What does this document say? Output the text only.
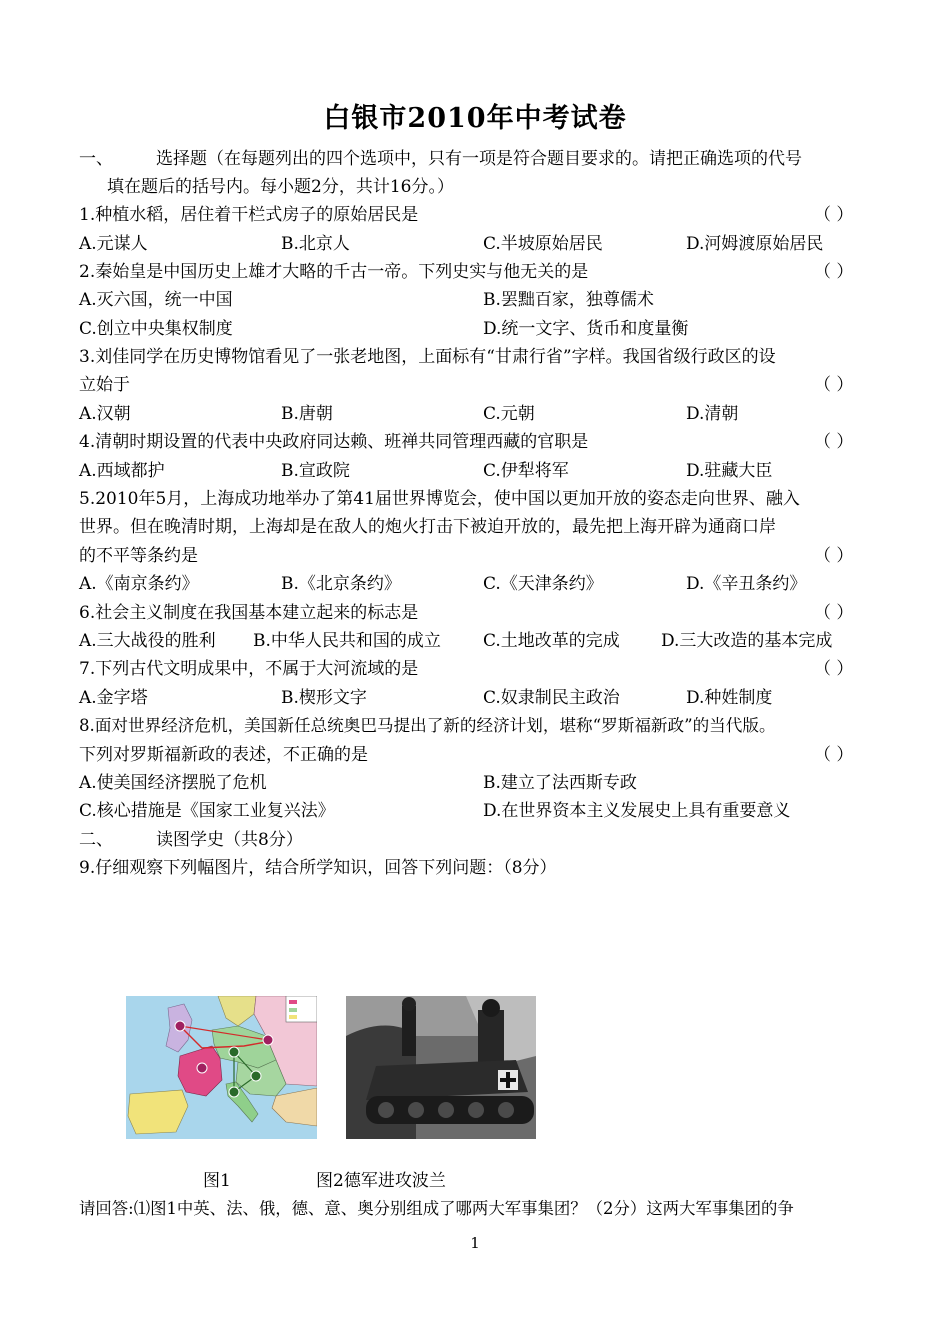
白银市2010年中考试卷
一、	选择题（在每题列出的四个选项中，只有一项是符合题目要求的。请把正确选项的代号
填在题后的括号内。每小题2分，共计16分。）
1.种植水稻，居住着干栏式房子的原始居民是	（ ）
A.元谋人	B.北京人	C.半坡原始居民	D.河姆渡原始居民
2.秦始皇是中国历史上雄才大略的千古一帝。下列史实与他无关的是	（ ）
A.灭六国，统一中国	B.罢黜百家，独尊儒术
C.创立中央集权制度	D.统一文字、货币和度量衡
3.刘佳同学在历史博物馆看见了一张老地图，上面标有“甘肃行省”字样。我国省级行政区的设
立始于	（ ）
A.汉朝	B.唐朝	C.元朝	D.清朝
4.清朝时期设置的代表中央政府同达赖、班禅共同管理西藏的官职是	（ ）
A.西域都护	B.宣政院	C.伊犁将军	D.驻藏大臣
5.2010年5月，上海成功地举办了第41届世界博览会，使中国以更加开放的姿态走向世界、融入
世界。但在晚清时期，上海却是在敌人的炮火打击下被迫开放的，最先把上海开辟为通商口岸
的不平等条约是	（ ）
A.《南京条约》	B.《北京条约》	C.《天津条约》	D.《辛丑条约》
6.社会主义制度在我国基本建立起来的标志是	（ ）
A.三大战役的胜利 B.中华人民共和国的成立 C.土地改革的完成 D.三大改造的基本完成
7.下列古代文明成果中，不属于大河流域的是	（ ）
A.金字塔	B.楔形文字	C.奴隶制民主政治	D.种姓制度
8.面对世界经济危机，美国新任总统奥巴马提出了新的经济计划，堪称“罗斯福新政”的当代版。
下列对罗斯福新政的表述，不正确的是	（ ）
A.使美国经济摆脱了危机	B.建立了法西斯专政
C.核心措施是《国家工业复兴法》	D.在世界资本主义发展史上具有重要意义
二、	读图学史（共8分）
9.仔细观察下列幅图片，结合所学知识，回答下列问题：（8分）
图1	图2德军进攻波兰
请回答:⑴图1中英、法、俄，德、意、奥分别组成了哪两大军事集团？（2分）这两大军事集团的争
1
